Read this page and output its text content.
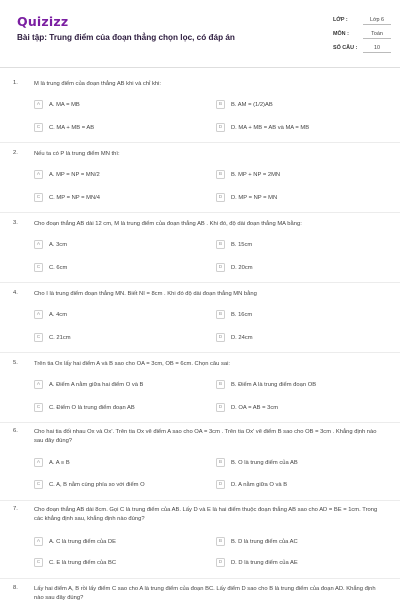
Quizizz
Bài tập: Trung điểm của đoạn thẳng chọn lọc, có đáp án
LỚP :	Lớp 6
MÔN :	Toán
SỐ CÂU :	10
1.	M là trung điểm của đoạn thẳng AB khi và chỉ khi:
A	A. MA = MB	B	B. AM = (1/2)AB
C	C. MA + MB = AB	D	D. MA + MB = AB và MA = MB
2.	Nếu ta có P là trung điểm MN thì:
A	A. MP = NP = MN/2	B	B. MP + NP = 2MN
C	C. MP = NP = MN/4	D	D. MP = NP = MN
3.	Cho đoạn thẳng AB dài 12 cm, M là trung điểm của đoạn thẳng AB . Khi đó, độ dài đoạn thẳng MA bằng:
A	A. 3cm	B	B. 15cm
C	C. 6cm	D	D. 20cm
4.	Cho I là trung điểm đoạn thẳng MN. Biết NI = 8cm . Khi đó độ dài đoạn thẳng MN bằng
A	A. 4cm	B	B. 16cm
C	C. 21cm	D	D. 24cm
5.	Trên tia Ox lấy hai điểm A và B sao cho OA = 3cm, OB = 6cm. Chọn câu sai:
A	A. Điểm A nằm giữa hai điểm O và B	B	B. Điểm A là trung điểm đoạn OB
C	C. Điểm O là trung điểm đoạn AB	D	D. OA = AB = 3cm
6.	Cho hai tia đối nhau Ox và Ox'. Trên tia Ox vẽ điểm A sao cho OA = 3cm . Trên tia Ox' vẽ điểm B sao cho OB = 3cm . Khẳng định nào sau đây đúng?
A	A. A ≡ B	B	B. O là trung điểm của AB
C	C. A, B nằm cùng phía so với điểm O	D	D. A nằm giữa O và B
7.	Cho đoạn thẳng AB dài 8cm. Gọi C là trung điểm của AB. Lấy D và E là hai điểm thuộc đoạn thẳng AB sao cho AD = BE = 1cm. Trong các khẳng định sau, khẳng định nào đúng?
A	A. C là trung điểm của DE	B	B. D là trung điểm của AC
C	C. E là trung điểm của BC	D	D. D là trung điểm của AE
8.	Lấy hai điểm A, B rồi lấy điểm C sao cho A là trung điểm của đoạn BC. Lấy điểm D sao cho B là trung điểm của đoạn AD. Khẳng định nào sau đây đúng?
